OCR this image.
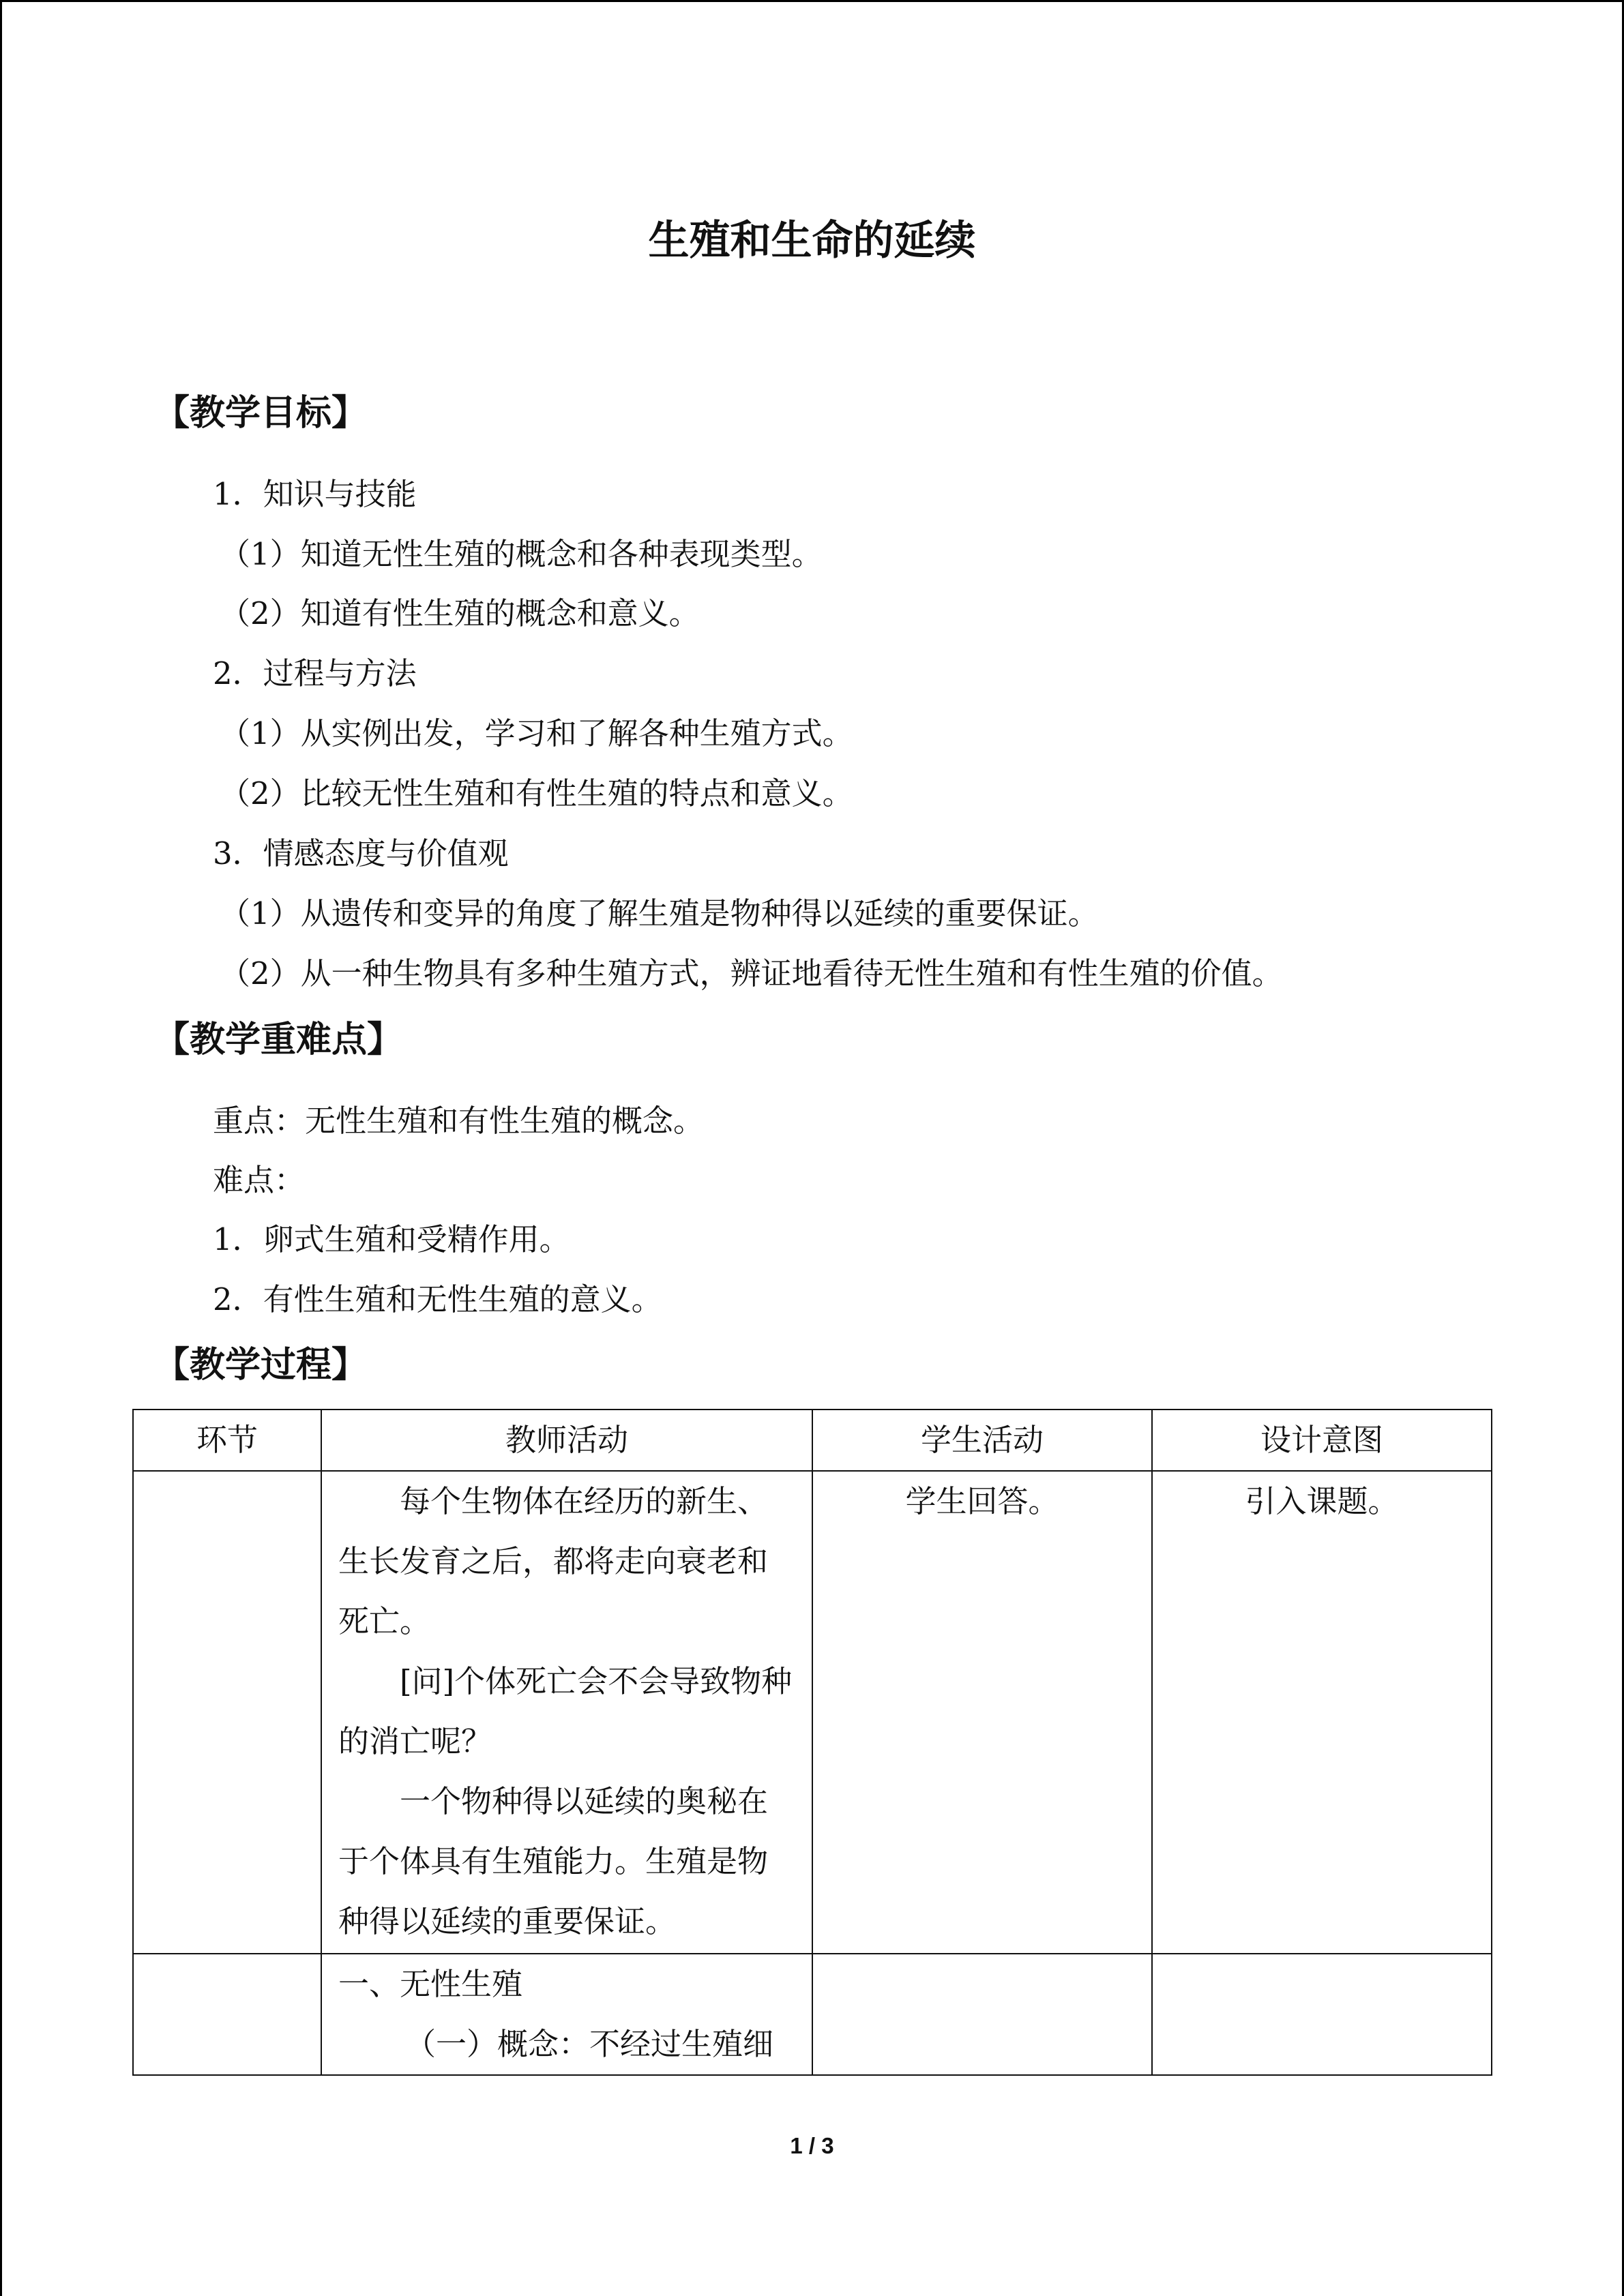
生殖和生命的延续
【教学目标】
1．知识与技能
（1）知道无性生殖的概念和各种表现类型。
（2）知道有性生殖的概念和意义。
2．过程与方法
（1）从实例出发，学习和了解各种生殖方式。
（2）比较无性生殖和有性生殖的特点和意义。
3．情感态度与价值观
（1）从遗传和变异的角度了解生殖是物种得以延续的重要保证。
（2）从一种生物具有多种生殖方式，辨证地看待无性生殖和有性生殖的价值。
【教学重难点】
重点：无性生殖和有性生殖的概念。
难点：
1．卵式生殖和受精作用。
2．有性生殖和无性生殖的意义。
【教学过程】
环节	教师活动	学生活动	设计意图

	每个生物体在经历的新生、生长发育之后，都将走向衰老和死亡。
[问]个体死亡会不会导致物种的消亡呢？
一个物种得以延续的奥秘在于个体具有生殖能力。生殖是物种得以延续的重要保证。	学生回答。	引入课题。

	一、无性生殖
（一）概念：不经过生殖细		

1 / 3
